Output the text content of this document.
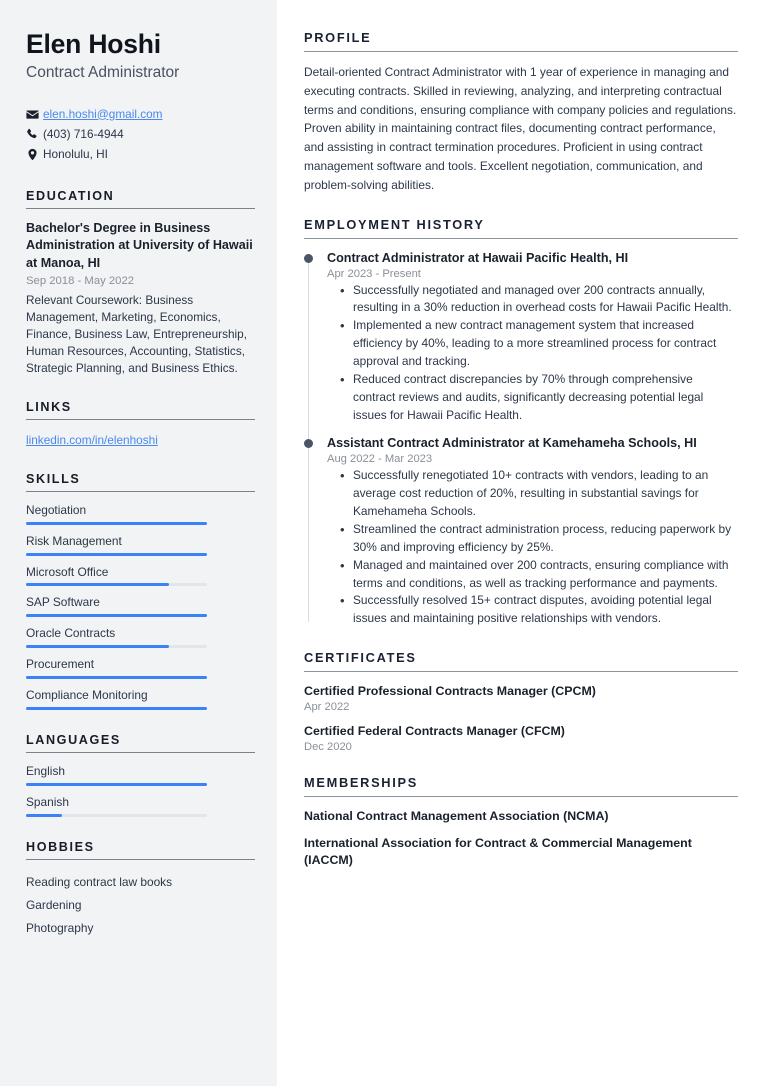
Elen Hoshi
Contract Administrator
elen.hoshi@gmail.com
(403) 716-4944
Honolulu, HI
EDUCATION
Bachelor's Degree in Business Administration at University of Hawaii at Manoa, HI
Sep 2018 - May 2022
Relevant Coursework: Business Management, Marketing, Economics, Finance, Business Law, Entrepreneurship, Human Resources, Accounting, Statistics, Strategic Planning, and Business Ethics.
LINKS
linkedin.com/in/elenhoshi
SKILLS
Negotiation
Risk Management
Microsoft Office
SAP Software
Oracle Contracts
Procurement
Compliance Monitoring
LANGUAGES
English
Spanish
HOBBIES
Reading contract law books
Gardening
Photography
PROFILE
Detail-oriented Contract Administrator with 1 year of experience in managing and executing contracts. Skilled in reviewing, analyzing, and interpreting contractual terms and conditions, ensuring compliance with company policies and regulations. Proven ability in maintaining contract files, documenting contract performance, and assisting in contract termination procedures. Proficient in using contract management software and tools. Excellent negotiation, communication, and problem-solving abilities.
EMPLOYMENT HISTORY
Contract Administrator at Hawaii Pacific Health, HI
Apr 2023 - Present
• Successfully negotiated and managed over 200 contracts annually, resulting in a 30% reduction in overhead costs for Hawaii Pacific Health.
• Implemented a new contract management system that increased efficiency by 40%, leading to a more streamlined process for contract approval and tracking.
• Reduced contract discrepancies by 70% through comprehensive contract reviews and audits, significantly decreasing potential legal issues for Hawaii Pacific Health.
Assistant Contract Administrator at Kamehameha Schools, HI
Aug 2022 - Mar 2023
• Successfully renegotiated 10+ contracts with vendors, leading to an average cost reduction of 20%, resulting in substantial savings for Kamehameha Schools.
• Streamlined the contract administration process, reducing paperwork by 30% and improving efficiency by 25%.
• Managed and maintained over 200 contracts, ensuring compliance with terms and conditions, as well as tracking performance and payments.
• Successfully resolved 15+ contract disputes, avoiding potential legal issues and maintaining positive relationships with vendors.
CERTIFICATES
Certified Professional Contracts Manager (CPCM)
Apr 2022
Certified Federal Contracts Manager (CFCM)
Dec 2020
MEMBERSHIPS
National Contract Management Association (NCMA)
International Association for Contract & Commercial Management (IACCM)
